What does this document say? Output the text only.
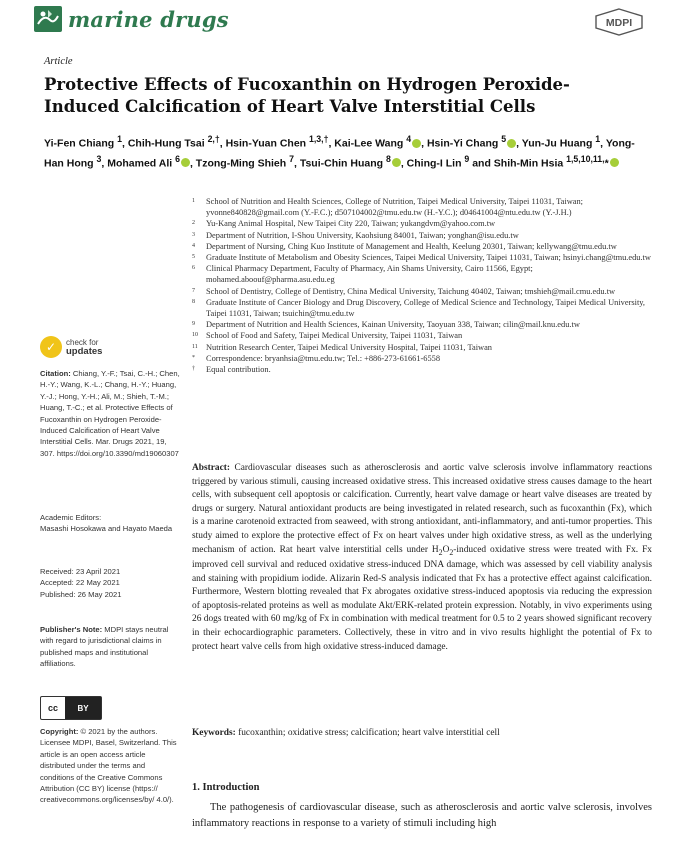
marine drugs	MDPI
Article
Protective Effects of Fucoxanthin on Hydrogen Peroxide-Induced Calcification of Heart Valve Interstitial Cells
Yi-Fen Chiang $^1$, Chih-Hung Tsai $^{2,\dagger}$, Hsin-Yuan Chen $^{1,3,\dagger}$, Kai-Lee Wang $^4$ , Hsin-Yi Chang $^5$ , Yun-Ju Huang $^1$, Yong-Han Hong $^3$, Mohamed Ali $^6$ , Tzong-Ming Shieh $^7$, Tsui-Chin Huang $^8$ , Ching-I Lin $^9$ and Shih-Min Hsia $^{1,5,10,11,}$*
1	School of Nutrition and Health Sciences, College of Nutrition, Taipei Medical University, Taipei 11031, Taiwan; yvonne840828@gmail.com (Y.-F.C.); d507104002@tmu.edu.tw (H.-Y.C.); d04641004@ntu.edu.tw (Y.-J.H.)
2	Yu-Kang Animal Hospital, New Taipei City 220, Taiwan; yukangdvm@yahoo.com.tw
3	Department of Nutrition, I-Shou University, Kaohsiung 84001, Taiwan; yonghan@isu.edu.tw
4	Department of Nursing, Ching Kuo Institute of Management and Health, Keelung 20301, Taiwan; kellywang@tmu.edu.tw
5	Graduate Institute of Metabolism and Obesity Sciences, Taipei Medical University, Taipei 11031, Taiwan; hsinyi.chang@tmu.edu.tw
6	Clinical Pharmacy Department, Faculty of Pharmacy, Ain Shams University, Cairo 11566, Egypt; mohamed.aboouf@pharma.asu.edu.eg
7	School of Dentistry, College of Dentistry, China Medical University, Taichung 40402, Taiwan; tmshieh@mail.cmu.edu.tw
8	Graduate Institute of Cancer Biology and Drug Discovery, College of Medical Science and Technology, Taipei Medical University, Taipei 11031, Taiwan; tsuichin@tmu.edu.tw
9	Department of Nutrition and Health Sciences, Kainan University, Taoyuan 338, Taiwan; cilin@mail.knu.edu.tw
10 School of Food and Safety, Taipei Medical University, Taipei 11031, Taiwan
11 Nutrition Research Center, Taipei Medical University Hospital, Taipei 11031, Taiwan
*	Correspondence: bryanhsia@tmu.edu.tw; Tel.: +886-273-61661-6558
†	Equal contribution.
✓	check for
updates
Citation: Chiang, Y.-F.; Tsai, C.-H.; Chen, H.-Y.; Wang, K.-L.; Chang, H.-Y.; Huang, Y.-J.; Hong, Y.-H.; Ali, M.; Shieh, T.-M.; Huang, T.-C.; et al. Protective Effects of Fucoxanthin on Hydrogen Peroxide-Induced Calcification of Heart Valve Interstitial Cells. Mar. Drugs 2021, 19, 307. https://doi.org/10.3390/md19060307
Academic Editors:
Masashi Hosokawa and Hayato Maeda
Received: 23 April 2021
Accepted: 22 May 2021
Published: 26 May 2021
Publisher's Note: MDPI stays neutral with regard to jurisdictional claims in published maps and institutional affiliations.
cc	BY
Copyright: © 2021 by the authors. Licensee MDPI, Basel, Switzerland. This article is an open access article distributed under the terms and conditions of the Creative Commons Attribution (CC BY) license (https:// creativecommons.org/licenses/by/ 4.0/).
Abstract: Cardiovascular diseases such as atherosclerosis and aortic valve sclerosis involve inflammatory reactions triggered by various stimuli, causing increased oxidative stress. This increased oxidative stress causes damage to the heart cells, with subsequent cell apoptosis or calcification. Currently, heart valve damage or heart valve diseases are treated by drugs or surgery. Natural antioxidant products are being investigated in related research, such as fucoxanthin (Fx), which is a marine carotenoid extracted from seaweed, with strong antioxidant, anti-inflammatory, and anti-tumor properties. This study aimed to explore the protective effect of Fx on heart valves under high oxidative stress, as well as the underlying mechanism of action. Rat heart valve interstitial cells under $H_2O_2$-induced oxidative stress were treated with Fx. Fx improved cell survival and reduced oxidative stress-induced DNA damage, which was assessed by cell viability analysis and staining with propidium iodide. Alizarin Red-S analysis indicated that Fx has a protective effect against calcification. Furthermore, Western blotting revealed that Fx abrogates oxidative stress-induced apoptosis via reducing the expression of apoptosis-related proteins as well as modulate Akt/ERK-related protein expression. Notably, in vivo experiments using 26 dogs treated with 60 mg/kg of Fx in combination with medical treatment for 0.5 to 2 years showed significant recovery in their echocardiographic parameters. Collectively, these in vitro and in vivo results highlight the potential of Fx to protect heart valve cells from high oxidative stress-induced damage.
Keywords: fucoxanthin; oxidative stress; calcification; heart valve interstitial cell
1. Introduction
The pathogenesis of cardiovascular disease, such as atherosclerosis and aortic valve sclerosis, involves inflammatory reactions in response to a variety of stimuli including high
